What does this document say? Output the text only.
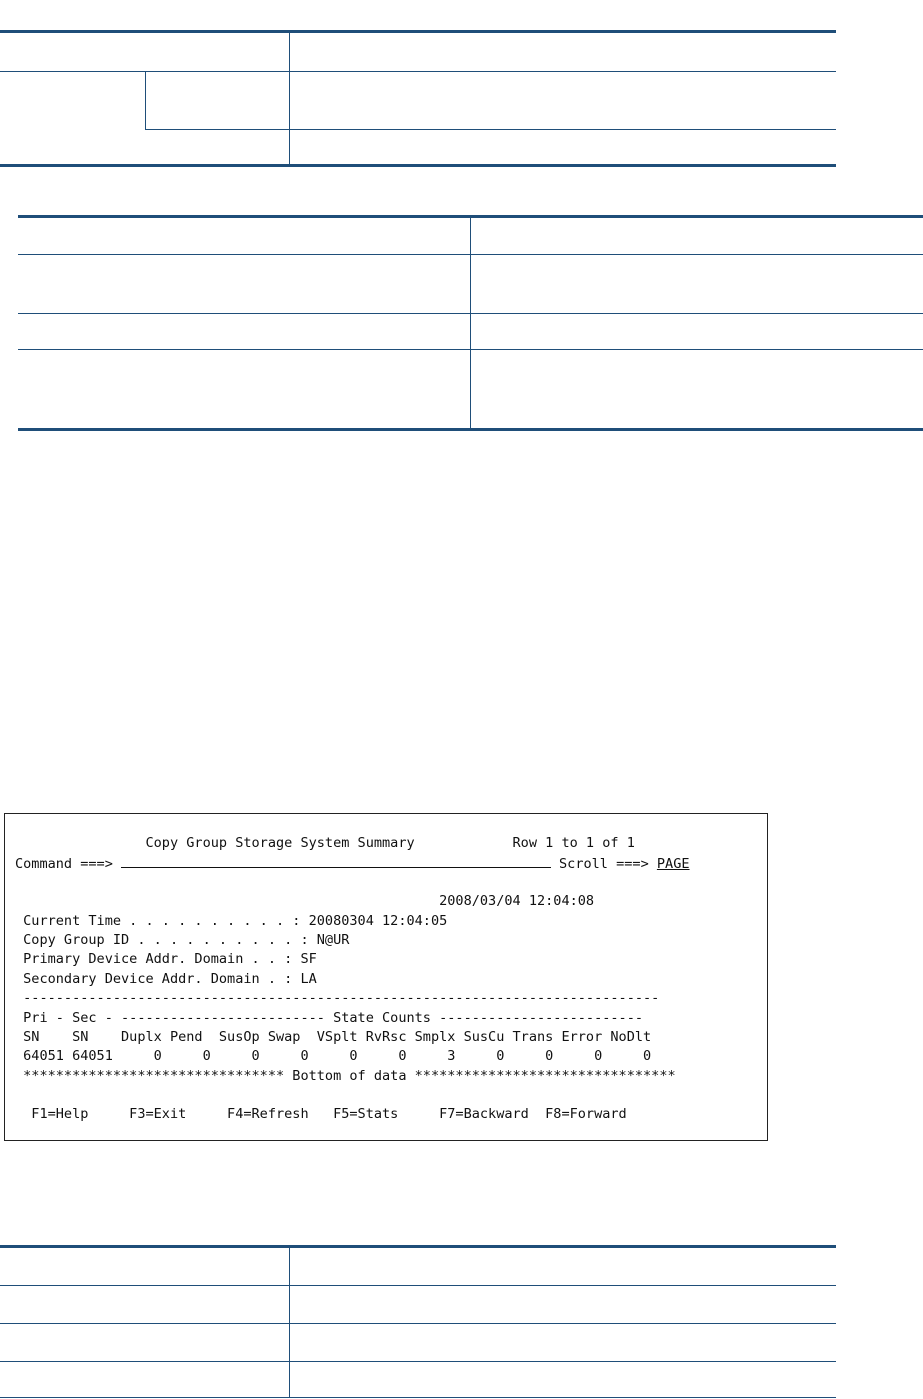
Copy Group Storage System Summary	Row 1 to 1 of 1
Command ===>	Scroll ===> PAGE
2008/03/04 12:04:08
Current Time . . . . . . . . . . : 20080304 12:04:05
Copy Group ID . . . . . . . . . . : N@UR
Primary Device Addr. Domain . . : SF
Secondary Device Addr. Domain . : LA
------------------------------------------------------------------------------
Pri - Sec - ------------------------- State Counts -------------------------
SN    SN    Duplx Pend  SusOp Swap  VSplt RvRsc Smplx SusCu Trans Error NoDlt
64051 64051     0     0     0     0     0     0     3     0     0     0     0
******************************** Bottom of data ********************************
F1=Help     F3=Exit     F4=Refresh   F5=Stats     F7=Backward  F8=Forward
